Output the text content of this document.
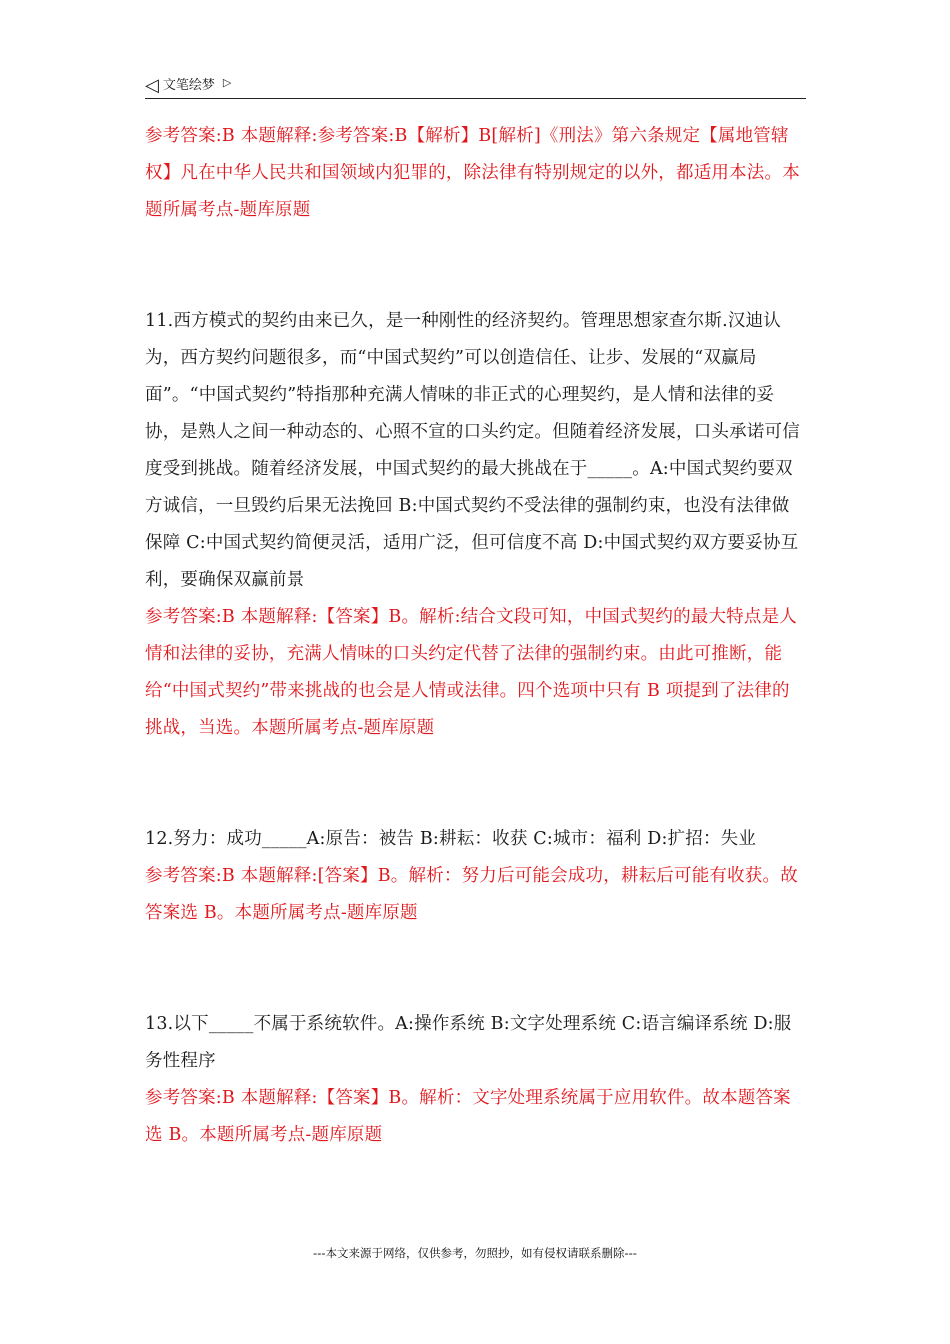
◁ 文笔绘梦 ▷

参考答案:B 本题解释:参考答案:B【解析】B[解析]《刑法》第六条规定【属地管辖权】凡在中华人民共和国领域内犯罪的，除法律有特别规定的以外，都适用本法。本题所属考点-题库原题

11.西方模式的契约由来已久，是一种刚性的经济契约。管理思想家查尔斯.汉迪认为，西方契约问题很多，而“中国式契约”可以创造信任、让步、发展的“双赢局面”。“中国式契约”特指那种充满人情味的非正式的心理契约，是人情和法律的妥协，是熟人之间一种动态的、心照不宣的口头约定。但随着经济发展，口头承诺可信度受到挑战。随着经济发展，中国式契约的最大挑战在于_____。A:中国式契约要双方诚信，一旦毁约后果无法挽回 B:中国式契约不受法律的强制约束，也没有法律做保障 C:中国式契约简便灵活，适用广泛，但可信度不高 D:中国式契约双方要妥协互利，要确保双赢前景

参考答案:B 本题解释:【答案】B。解析:结合文段可知，中国式契约的最大特点是人情和法律的妥协，充满人情味的口头约定代替了法律的强制约束。由此可推断，能给“中国式契约”带来挑战的也会是人情或法律。四个选项中只有 B 项提到了法律的挑战，当选。本题所属考点-题库原题

12.努力：成功_____A:原告：被告 B:耕耘：收获 C:城市：福利 D:扩招：失业

参考答案:B 本题解释:[答案】B。解析：努力后可能会成功，耕耘后可能有收获。故答案选 B。本题所属考点-题库原题

13.以下_____不属于系统软件。A:操作系统 B:文字处理系统 C:语言编译系统 D:服务性程序

参考答案:B 本题解释:【答案】B。解析：文字处理系统属于应用软件。故本题答案选 B。本题所属考点-题库原题

---本文来源于网络，仅供参考，勿照抄，如有侵权请联系删除---
